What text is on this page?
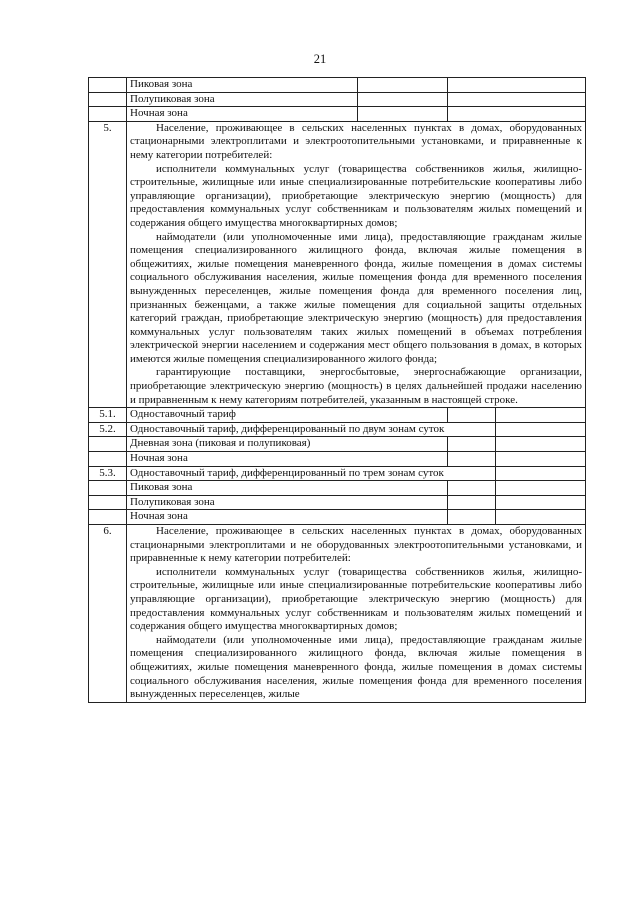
21
	Пиковая зона			
	Полупиковая зона			
	Ночная зона			
5.	Население, проживающее в сельских населенных пунктах в домах, оборудованных стационарными электроплитами и электроотопительными установками, и приравненные к нему категории потребителей:

исполнители коммунальных услуг (товарищества собственников жилья, жилищно-строительные, жилищные или иные специализированные потребительские кооперативы либо управляющие организации), приобретающие электрическую энергию (мощность) для предоставления коммунальных услуг собственникам и пользователям жилых помещений и содержания общего имущества многоквартирных домов;

наймодатели (или уполномоченные ими лица), предоставляющие гражданам жилые помещения специализированного жилищного фонда, включая жилые помещения в общежитиях, жилые помещения маневренного фонда, жилые помещения в домах системы социального обслуживания населения, жилые помещения фонда для временного поселения вынужденных переселенцев, жилые помещения фонда для временного поселения лиц, признанных беженцами, а также жилые помещения для социальной защиты отдельных категорий граждан, приобретающие электрическую энергию (мощность) для предоставления коммунальных услуг пользователям таких жилых помещений в объемах потребления электрической энергии населением и содержания мест общего пользования в домах, в которых имеются жилые помещения специализированного жилого фонда;

гарантирующие поставщики, энергосбытовые, энергоснабжающие организации, приобретающие электрическую энергию (мощность) в целях дальнейшей продажи населению и приравненным к нему категориям потребителей, указанным в настоящей строке.			

5.1.	Одноставочный тариф			
5.2.	Одноставочный тариф, дифференцированный по двум зонам суток			
	Дневная зона (пиковая и полупиковая)			
	Ночная зона			
5.3.	Одноставочный тариф, дифференцированный по трем зонам суток			
	Пиковая зона			
	Полупиковая зона			
	Ночная зона			
6.	Население, проживающее в сельских населенных пунктах в домах, оборудованных стационарными электроплитами и не оборудованных электроотопительными установками, и приравненные к нему категории потребителей:

исполнители коммунальных услуг (товарищества собственников жилья, жилищно-строительные, жилищные или иные специализированные потребительские кооперативы либо управляющие организации), приобретающие электрическую энергию (мощность) для предоставления коммунальных услуг собственникам и пользователям жилых помещений и содержания общего имущества многоквартирных домов;

наймодатели (или уполномоченные ими лица), предоставляющие гражданам жилые помещения специализированного жилищного фонда, включая жилые помещения в общежитиях, жилые помещения маневренного фонда, жилые помещения в домах системы социального обслуживания населения, жилые помещения фонда для временного поселения вынужденных переселенцев, жилые			
